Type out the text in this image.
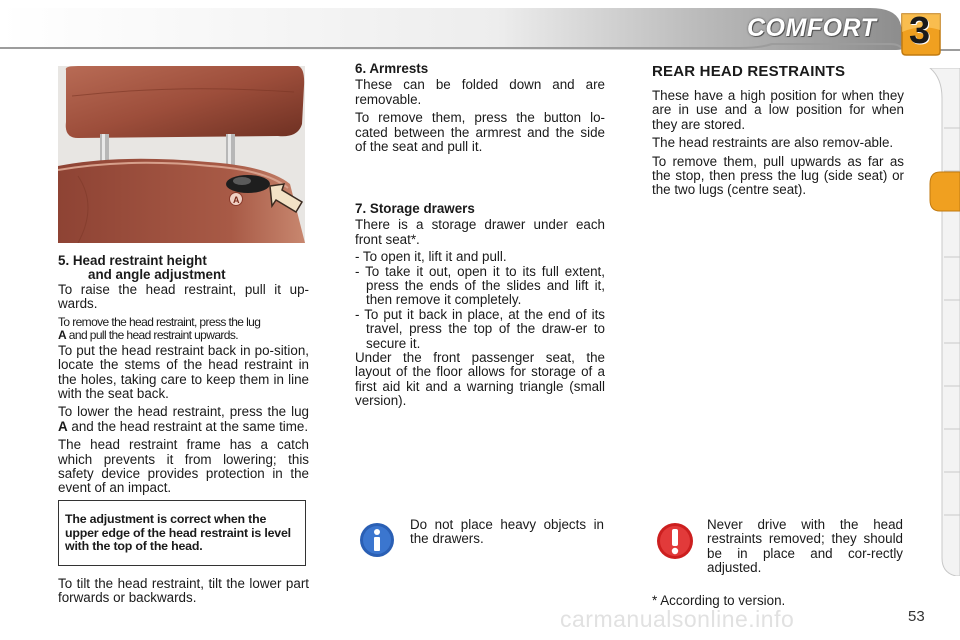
COMFORT 3
A
5. Head restraint height
and angle adjustment

To raise the head restraint, pull it up-wards.

To remove the head restraint, press the lug
A and pull the head restraint upwards.

To put the head restraint back in po-sition, locate the stems of the head restraint in the holes, taking care to keep them in line with the seat back.

To lower the head restraint, press the lug A and the head restraint at the same time.

The head restraint frame has a catch which prevents it from lowering; this safety device provides protection in the event of an impact.

The adjustment is correct when the upper edge of the head restraint is level with the top of the head.

To tilt the head restraint, tilt the lower part forwards or backwards.

6. Armrests

These can be folded down and are removable.

To remove them, press the button lo-cated between the armrest and the side of the seat and pull it.

7. Storage drawers

There is a storage drawer under each front seat*.

- To open it, lift it and pull.

- To take it out, open it to its full extent, press the ends of the slides and lift it, then remove it completely.

- To put it back in place, at the end of its travel, press the top of the draw-er to secure it.

Under the front passenger seat, the layout of the floor allows for storage of a first aid kit and a warning triangle (small version).

Do not place heavy objects in the drawers.

REAR HEAD RESTRAINTS

These have a high position for when they are in use and a low position for when they are stored.

The head restraints are also remov-able.

To remove them, pull upwards as far as the stop, then press the lug (side seat) or the two lugs (centre seat).

Never drive with the head restraints removed; they should be in place and cor-rectly adjusted.

* According to version.
carmanualsonline.info	53
